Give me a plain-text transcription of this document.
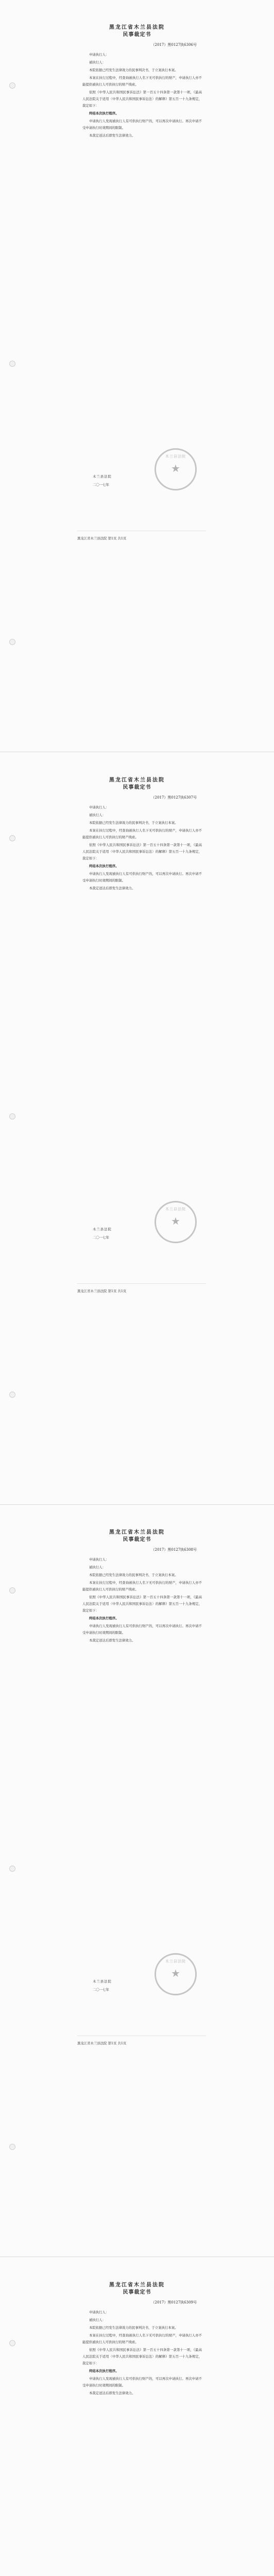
黑龙江省木兰县法院
民事裁定书
（2017）黑0127执6306号

申请执行人：

被执行人：

本院依据已经发生法律效力的民事判决书，于立案执行本案。

本案在执行过程中，经查询被执行人名下无可供执行的财产，申请执行人亦不能提供被执行人可供执行的财产线索。

依照《中华人民共和国民事诉讼法》第一百五十四条第一款第十一项，《最高人民法院关于适用〈中华人民共和国民事诉讼法〉的解释》第五百一十九条规定，裁定如下：

终结本次执行程序。

申请执行人发现被执行人有可供执行财产的，可以再次申请执行。再次申请不受申请执行时效期间的限制。

本裁定送达后即发生法律效力。

木兰县法院
二〇一七年
木兰县法院
★
黑龙江省木兰县法院 第1页 共1页
黑龙江省木兰县法院
民事裁定书
（2017）黑0127执6307号

申请执行人：

被执行人：

本院依据已经发生法律效力的民事判决书，于立案执行本案。

本案在执行过程中，经查询被执行人名下无可供执行的财产，申请执行人亦不能提供被执行人可供执行的财产线索。

依照《中华人民共和国民事诉讼法》第一百五十四条第一款第十一项，《最高人民法院关于适用〈中华人民共和国民事诉讼法〉的解释》第五百一十九条规定，裁定如下：

终结本次执行程序。

申请执行人发现被执行人有可供执行财产的，可以再次申请执行。再次申请不受申请执行时效期间的限制。

本裁定送达后即发生法律效力。

木兰县法院
二〇一七年
木兰县法院
★
黑龙江省木兰县法院 第1页 共1页
黑龙江省木兰县法院
民事裁定书
（2017）黑0127执6308号

申请执行人：

被执行人：

本院依据已经发生法律效力的民事判决书，于立案执行本案。

本案在执行过程中，经查询被执行人名下无可供执行的财产，申请执行人亦不能提供被执行人可供执行的财产线索。

依照《中华人民共和国民事诉讼法》第一百五十四条第一款第十一项，《最高人民法院关于适用〈中华人民共和国民事诉讼法〉的解释》第五百一十九条规定，裁定如下：

终结本次执行程序。

申请执行人发现被执行人有可供执行财产的，可以再次申请执行。再次申请不受申请执行时效期间的限制。

本裁定送达后即发生法律效力。

木兰县法院
二〇一七年
木兰县法院
★
黑龙江省木兰县法院 第1页 共1页
黑龙江省木兰县法院
民事裁定书
（2017）黑0127执6309号

申请执行人：

被执行人：

本院依据已经发生法律效力的民事判决书，于立案执行本案。

本案在执行过程中，经查询被执行人名下无可供执行的财产，申请执行人亦不能提供被执行人可供执行的财产线索。

依照《中华人民共和国民事诉讼法》第一百五十四条第一款第十一项，《最高人民法院关于适用〈中华人民共和国民事诉讼法〉的解释》第五百一十九条规定，裁定如下：

终结本次执行程序。

申请执行人发现被执行人有可供执行财产的，可以再次申请执行。再次申请不受申请执行时效期间的限制。

本裁定送达后即发生法律效力。
